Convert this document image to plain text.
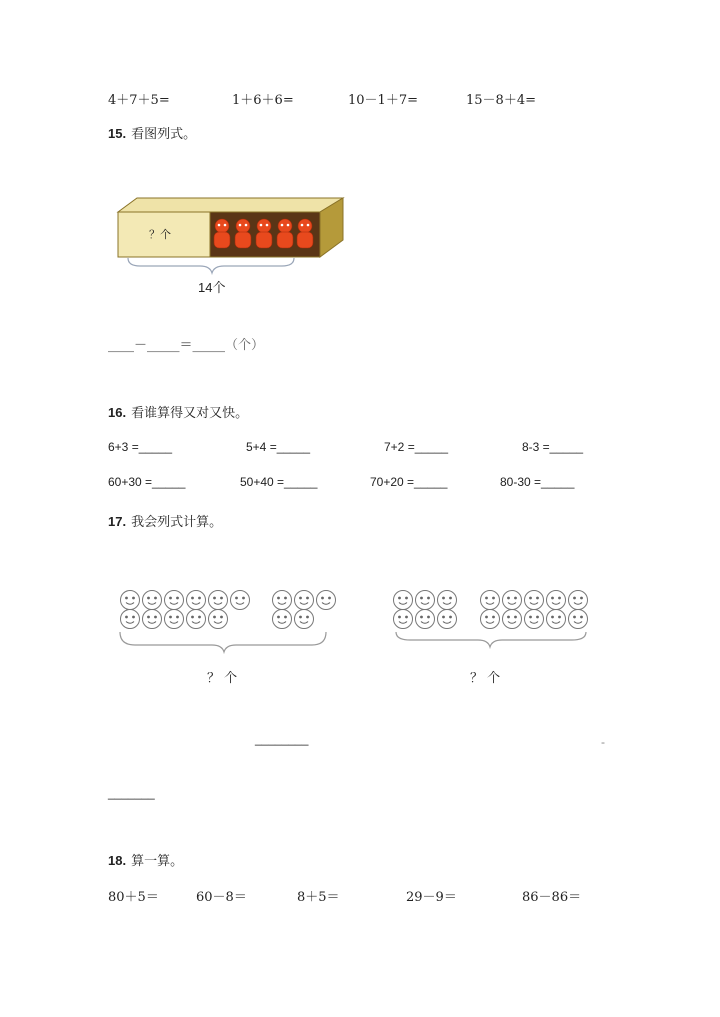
4＋7＋5=	1＋6＋6=	10－1＋7=	15－8＋4=
15. 看图列式。
？个
14个
____－_____＝_____（个）
16. 看谁算得又对又快。
6+3 =_____	5+4 =_____	7+2 =_____	8-3 =_____
60+30 =_____	50+40 =_____	70+20 =_____	80-30 =_____
17. 我会列式计算。
？ 个	？ 个
________	-
_______
18. 算一算。
80＋5＝	60－8＝	8＋5＝	29－9＝	86－86＝
